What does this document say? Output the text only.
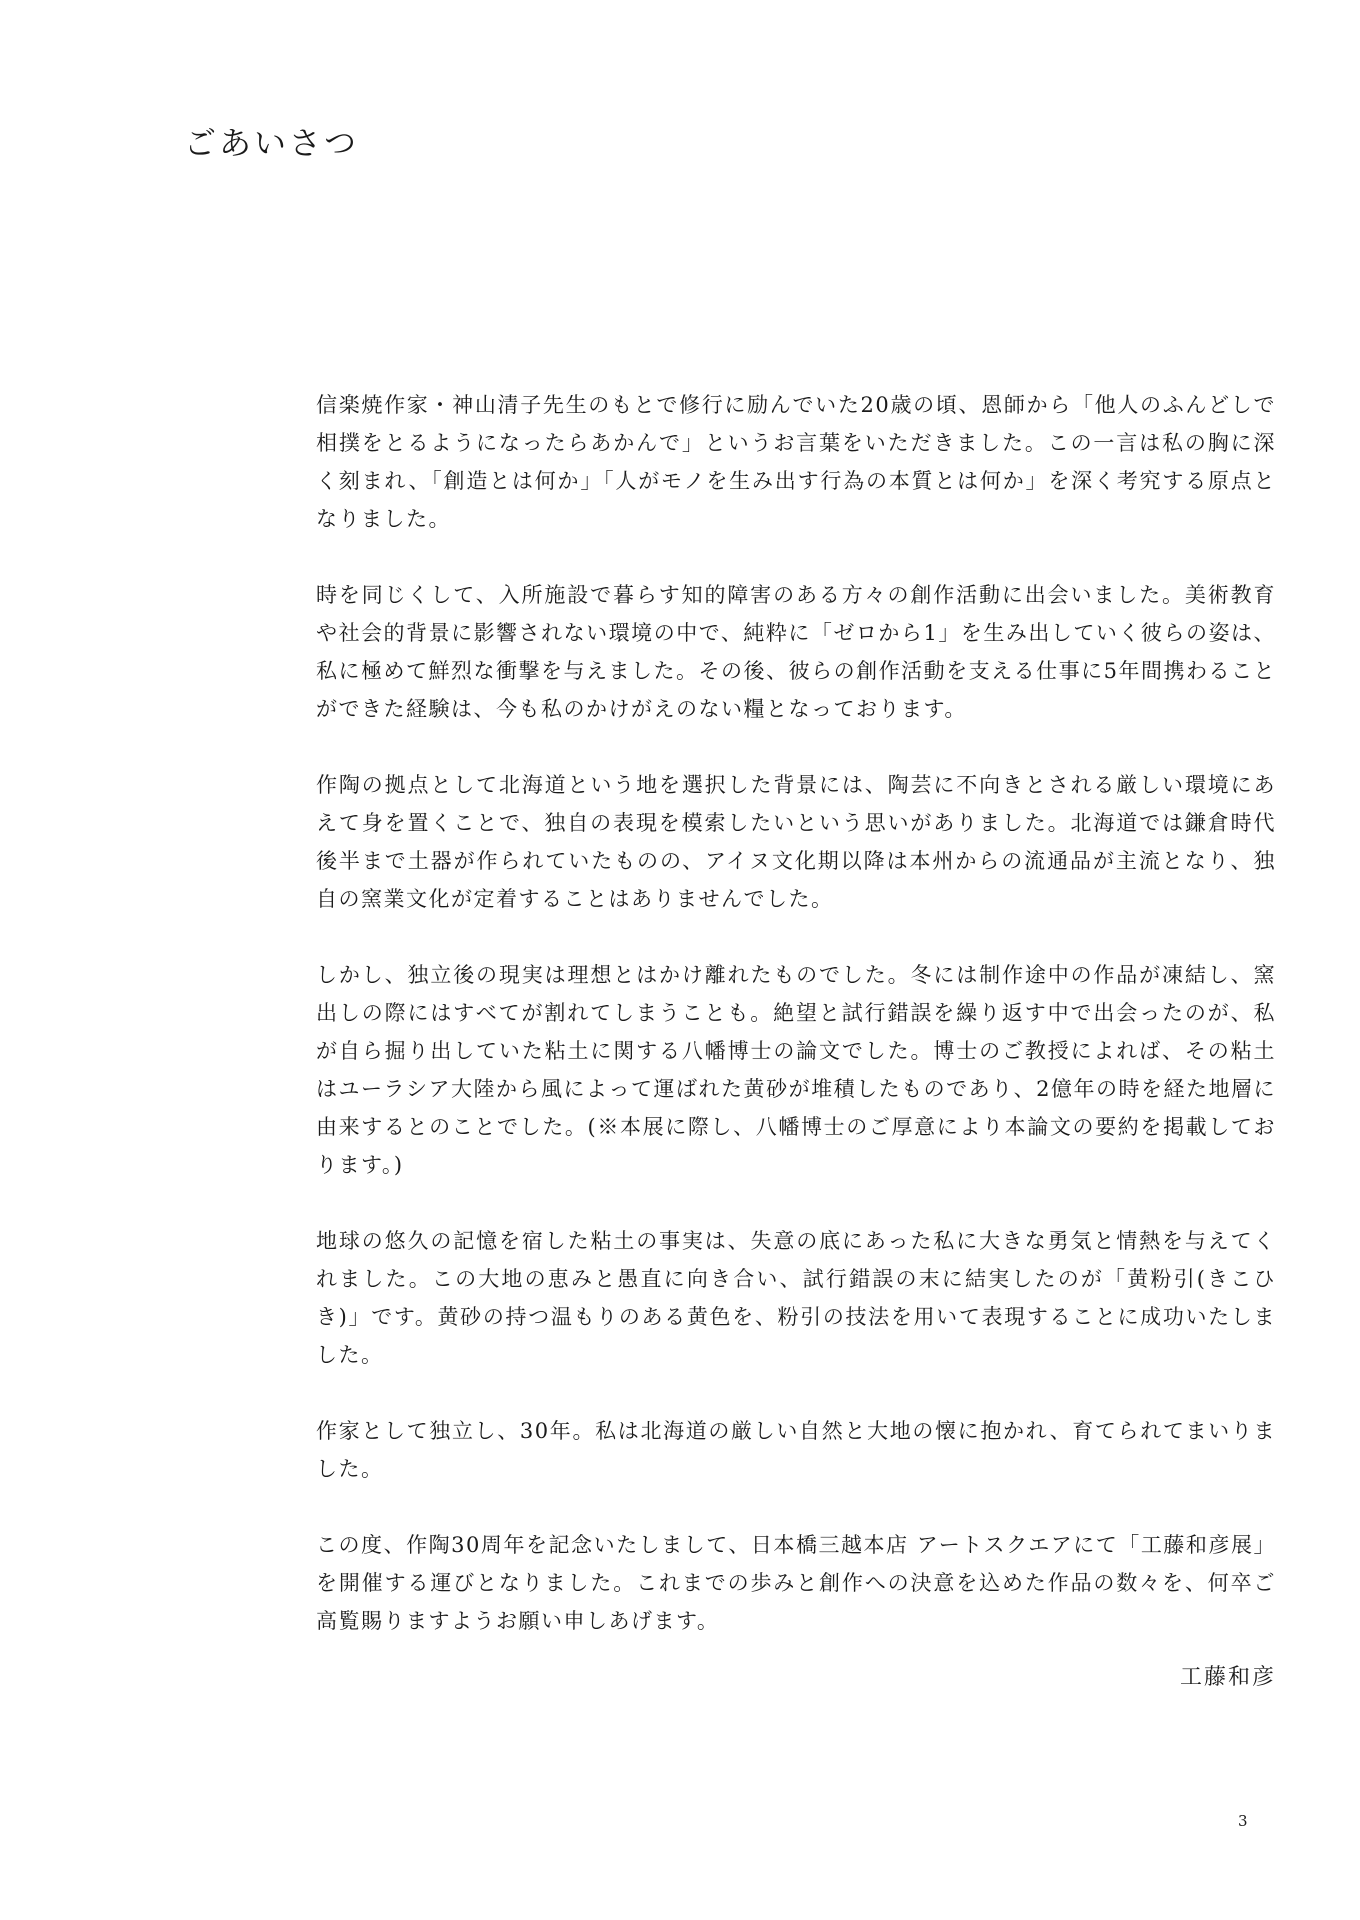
ごあいさつ

信楽焼作家・神山清子先生のもとで修行に励んでいた20歳の頃、恩師から「他人のふんどしで相撲をとるようになったらあかんで」というお言葉をいただきました。この一言は私の胸に深く刻まれ、「創造とは何か」「人がモノを生み出す行為の本質とは何か」を深く考究する原点となりました。

時を同じくして、入所施設で暮らす知的障害のある方々の創作活動に出会いました。美術教育や社会的背景に影響されない環境の中で、純粋に「ゼロから1」を生み出していく彼らの姿は、私に極めて鮮烈な衝撃を与えました。その後、彼らの創作活動を支える仕事に5年間携わることができた経験は、今も私のかけがえのない糧となっております。

作陶の拠点として北海道という地を選択した背景には、陶芸に不向きとされる厳しい環境にあえて身を置くことで、独自の表現を模索したいという思いがありました。北海道では鎌倉時代後半まで土器が作られていたものの、アイヌ文化期以降は本州からの流通品が主流となり、独自の窯業文化が定着することはありませんでした。

しかし、独立後の現実は理想とはかけ離れたものでした。冬には制作途中の作品が凍結し、窯出しの際にはすべてが割れてしまうことも。絶望と試行錯誤を繰り返す中で出会ったのが、私が自ら掘り出していた粘土に関する八幡博士の論文でした。博士のご教授によれば、その粘土はユーラシア大陸から風によって運ばれた黄砂が堆積したものであり、2億年の時を経た地層に由来するとのことでした。(※本展に際し、八幡博士のご厚意により本論文の要約を掲載しております。)

地球の悠久の記憶を宿した粘土の事実は、失意の底にあった私に大きな勇気と情熱を与えてくれました。この大地の恵みと愚直に向き合い、試行錯誤の末に結実したのが「黄粉引(きこひき)」です。黄砂の持つ温もりのある黄色を、粉引の技法を用いて表現することに成功いたしました。

作家として独立し、30年。私は北海道の厳しい自然と大地の懐に抱かれ、育てられてまいりました。

この度、作陶30周年を記念いたしまして、日本橋三越本店 アートスクエアにて「工藤和彦展」を開催する運びとなりました。これまでの歩みと創作への決意を込めた作品の数々を、何卒ご高覧賜りますようお願い申しあげます。

工藤和彦
3
